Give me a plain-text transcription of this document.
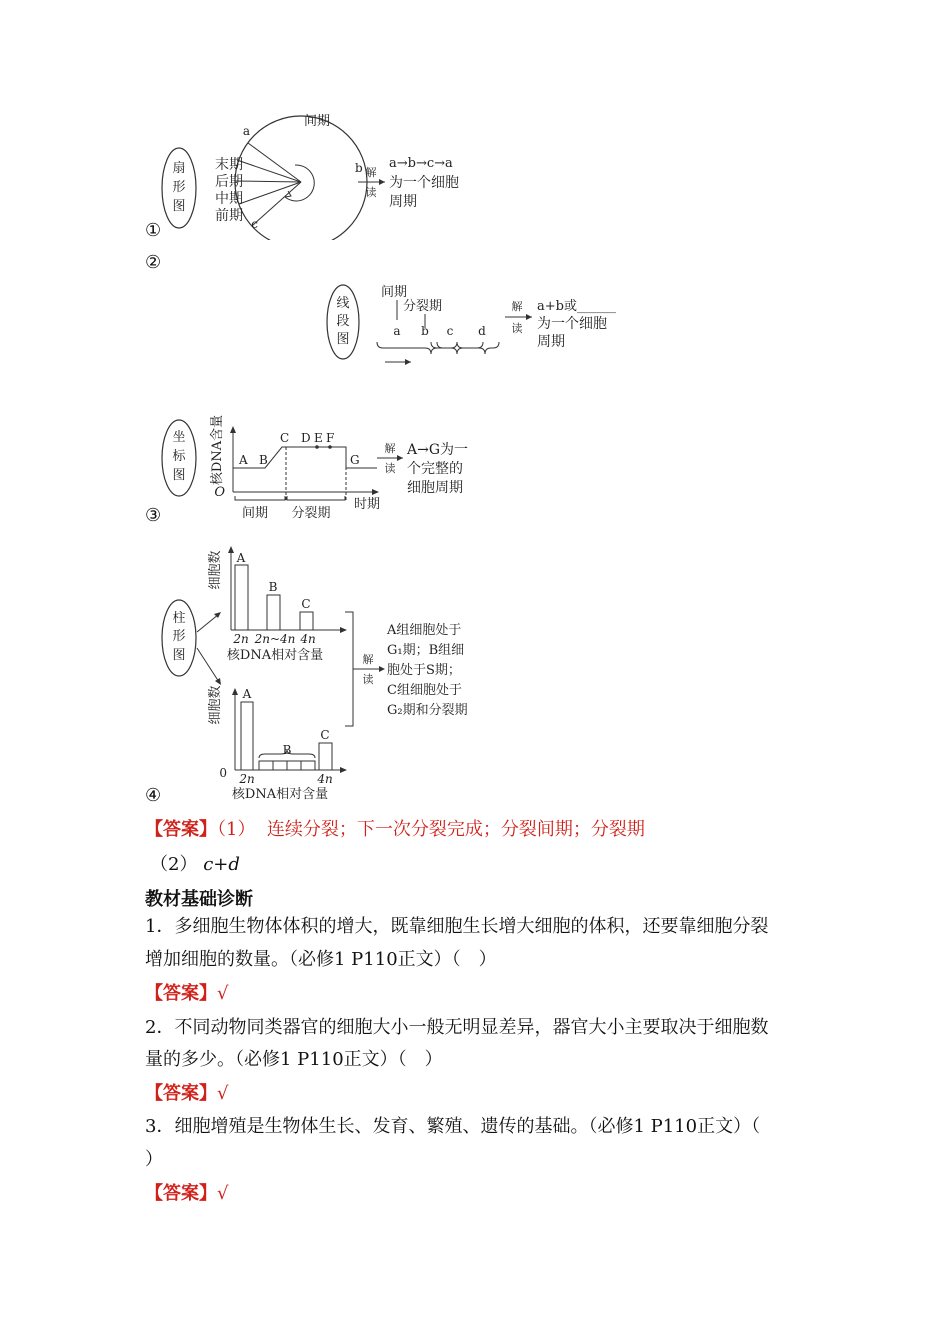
扇
形
图
间期
a
b
c
末期
后期
中期
前期
解
读
a→b→c→a
为一个细胞
周期
①
②
线
段
图
间期
分裂期
a b c d
解
读
a+b或______
为一个细胞
周期
坐
标
图 核DNA含量
O
A B
C D E F
G
时期
间期 分裂期
解
读
A→G为一
个完整的
细胞周期
③
柱
形
图
细胞数 A
B
C
2n 2n~4n 4n
核DNA相对含量
细胞数
0
A
B
C
2n	4n
核DNA相对含量
解
读
A组细胞处于
G₁期；B组细
胞处于S期；
C组细胞处于
G₂期和分裂期
④
【答案】（1） 连续分裂；下一次分裂完成；分裂间期；分裂期
（2） c+d
教材基础诊断
1．多细胞生物体体积的增大，既靠细胞生长增大细胞的体积，还要靠细胞分裂
增加细胞的数量。（必修1 P110正文）（　）
【答案】√
2．不同动物同类器官的细胞大小一般无明显差异，器官大小主要取决于细胞数
量的多少。（必修1 P110正文）（　）
【答案】√
3．细胞增殖是生物体生长、发育、繁殖、遗传的基础。（必修1 P110正文）（
）
【答案】√
